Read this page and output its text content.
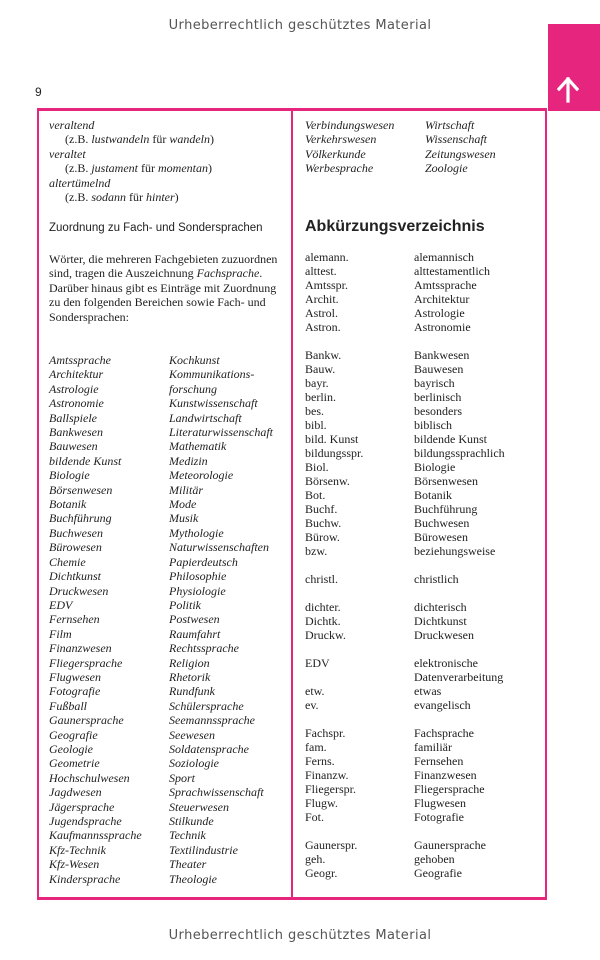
Urheberrechtlich geschütztes Material
9
veraltend
(z.B. lustwandeln für wandeln)
veraltet
(z.B. justament für momentan)
altertümelnd
(z.B. sodann für hinter)
Zuordnung zu Fach- und Sondersprachen
Wörter, die mehreren Fachgebieten zuzuordnen sind, tragen die Auszeichnung Fachsprache. Darüber hinaus gibt es Einträge mit Zuordnung zu den folgenden Bereichen sowie Fach- und Sondersprachen:
Amtssprache
Architektur
Astrologie
Astronomie
Ballspiele
Bankwesen
Bauwesen
bildende Kunst
Biologie
Börsenwesen
Botanik
Buchführung
Buchwesen
Bürowesen
Chemie
Dichtkunst
Druckwesen
EDV
Fernsehen
Film
Finanzwesen
Fliegersprache
Flugwesen
Fotografie
Fußball
Gaunersprache
Geografie
Geologie
Geometrie
Hochschulwesen
Jagdwesen
Jägersprache
Jugendsprache
Kaufmannssprache
Kfz-Technik
Kfz-Wesen
Kindersprache
Kochkunst
Kommunikations-
forschung
Kunstwissenschaft
Landwirtschaft
Literaturwissenschaft
Mathematik
Medizin
Meteorologie
Militär
Mode
Musik
Mythologie
Naturwissenschaften
Papierdeutsch
Philosophie
Physiologie
Politik
Postwesen
Raumfahrt
Rechtssprache
Religion
Rhetorik
Rundfunk
Schülersprache
Seemannssprache
Seewesen
Soldatensprache
Soziologie
Sport
Sprachwissenschaft
Steuerwesen
Stilkunde
Technik
Textilindustrie
Theater
Theologie
Verbindungswesen
Verkehrswesen
Völkerkunde
Werbesprache
Wirtschaft
Wissenschaft
Zeitungswesen
Zoologie
Abkürzungsverzeichnis
alemann.	alemannisch
alttest.	alttestamentlich
Amtsspr.	Amtssprache
Archit.	Architektur
Astrol.	Astrologie
Astron.	Astronomie
Bankw.	Bankwesen
Bauw.	Bauwesen
bayr.	bayrisch
berlin.	berlinisch
bes.	besonders
bibl.	biblisch
bild. Kunst	bildende Kunst
bildungsspr.	bildungssprachlich
Biol.	Biologie
Börsenw.	Börsenwesen
Bot.	Botanik
Buchf.	Buchführung
Buchw.	Buchwesen
Bürow.	Bürowesen
bzw.	beziehungsweise
christl.	christlich
dichter.	dichterisch
Dichtk.	Dichtkunst
Druckw.	Druckwesen
EDV	elektronische
Datenverarbeitung
etw.	etwas
ev.	evangelisch
Fachspr.	Fachsprache
fam.	familiär
Ferns.	Fernsehen
Finanzw.	Finanzwesen
Fliegerspr.	Fliegersprache
Flugw.	Flugwesen
Fot.	Fotografie
Gaunerspr.	Gaunersprache
geh.	gehoben
Geogr.	Geografie
Urheberrechtlich geschütztes Material
